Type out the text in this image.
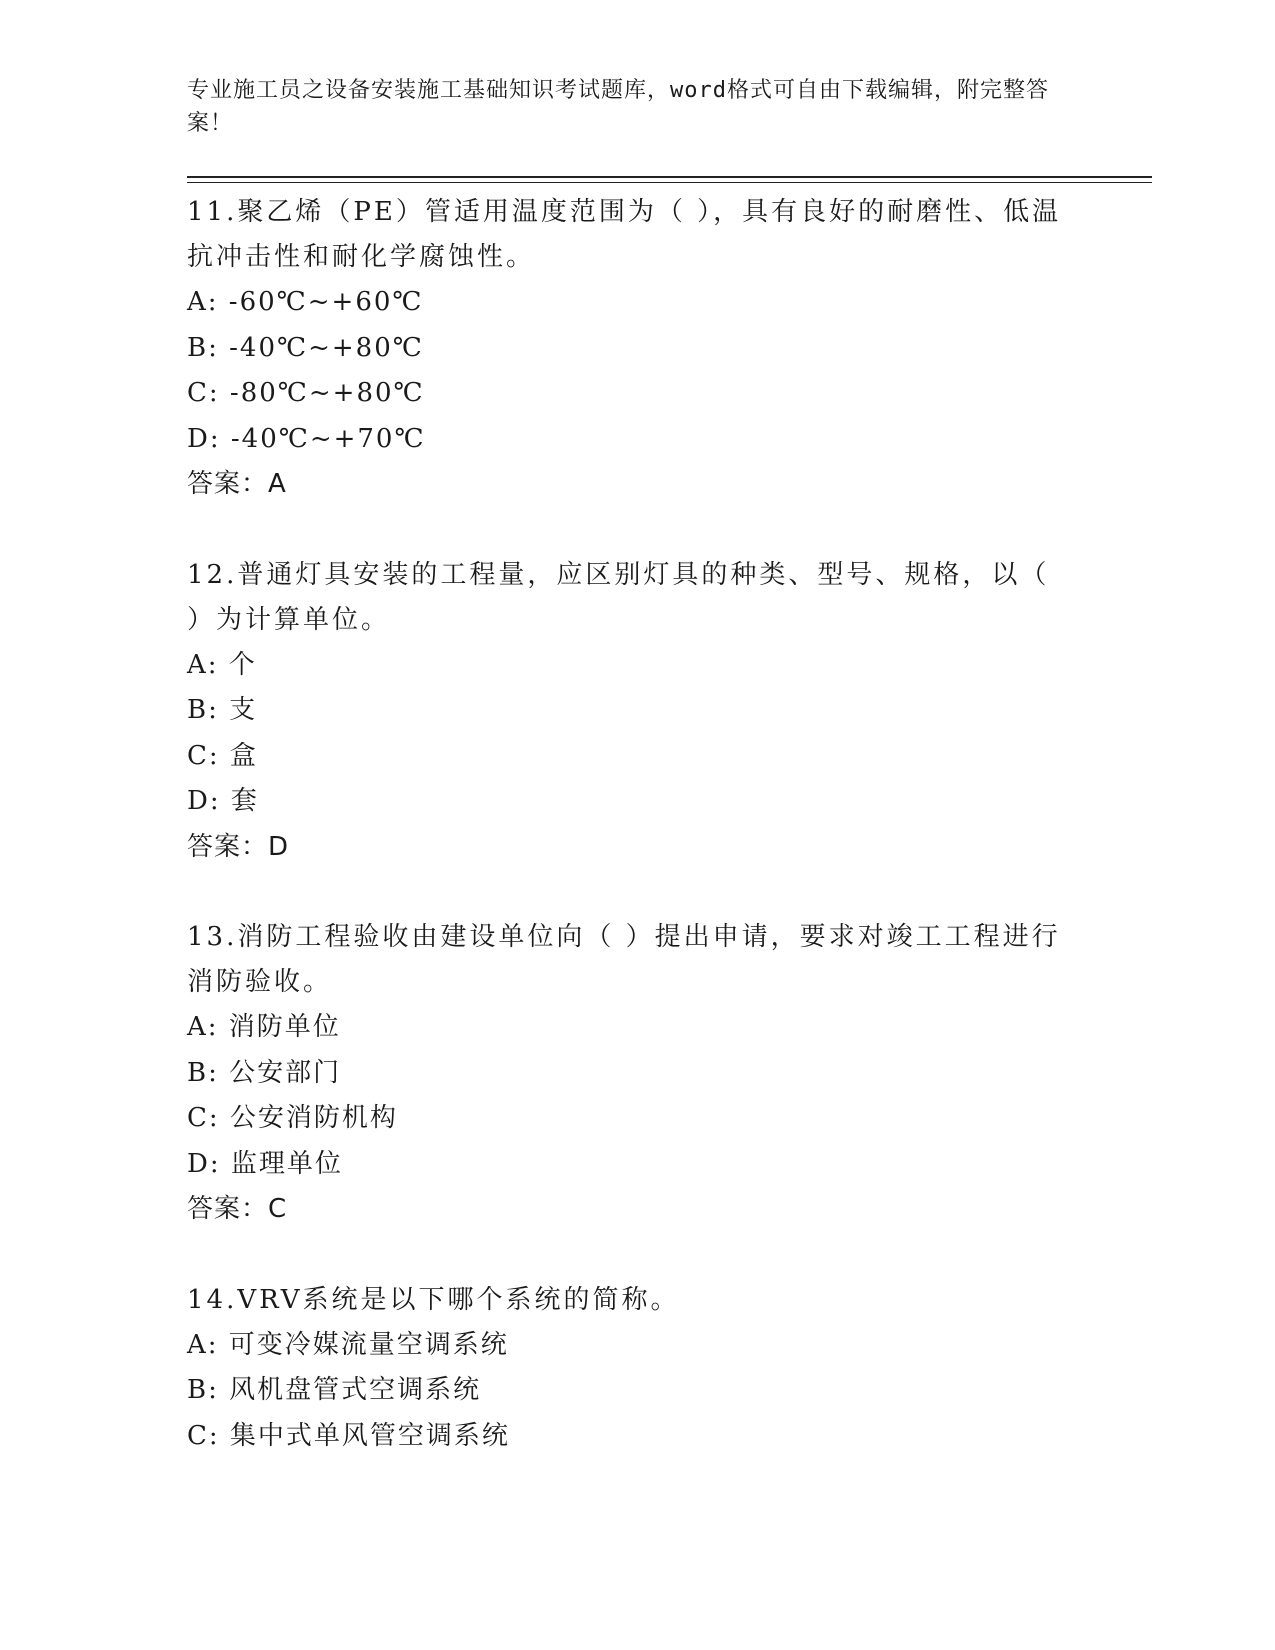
专业施工员之设备安装施工基础知识考试题库，word格式可自由下载编辑，附完整答案！
11.聚乙烯（PE）管适用温度范围为（ ），具有良好的耐磨性、低温抗冲击性和耐化学腐蚀性。
A: -60℃~+60℃
B: -40℃~+80℃
C: -80℃~+80℃
D: -40℃~+70℃
答案：A
12.普通灯具安装的工程量，应区别灯具的种类、型号、规格，以（ ）为计算单位。
A: 个
B: 支
C: 盒
D: 套
答案：D
13.消防工程验收由建设单位向（ ）提出申请，要求对竣工工程进行消防验收。
A: 消防单位
B: 公安部门
C: 公安消防机构
D: 监理单位
答案：C
14.VRV系统是以下哪个系统的简称。
A: 可变冷媒流量空调系统
B: 风机盘管式空调系统
C: 集中式单风管空调系统
